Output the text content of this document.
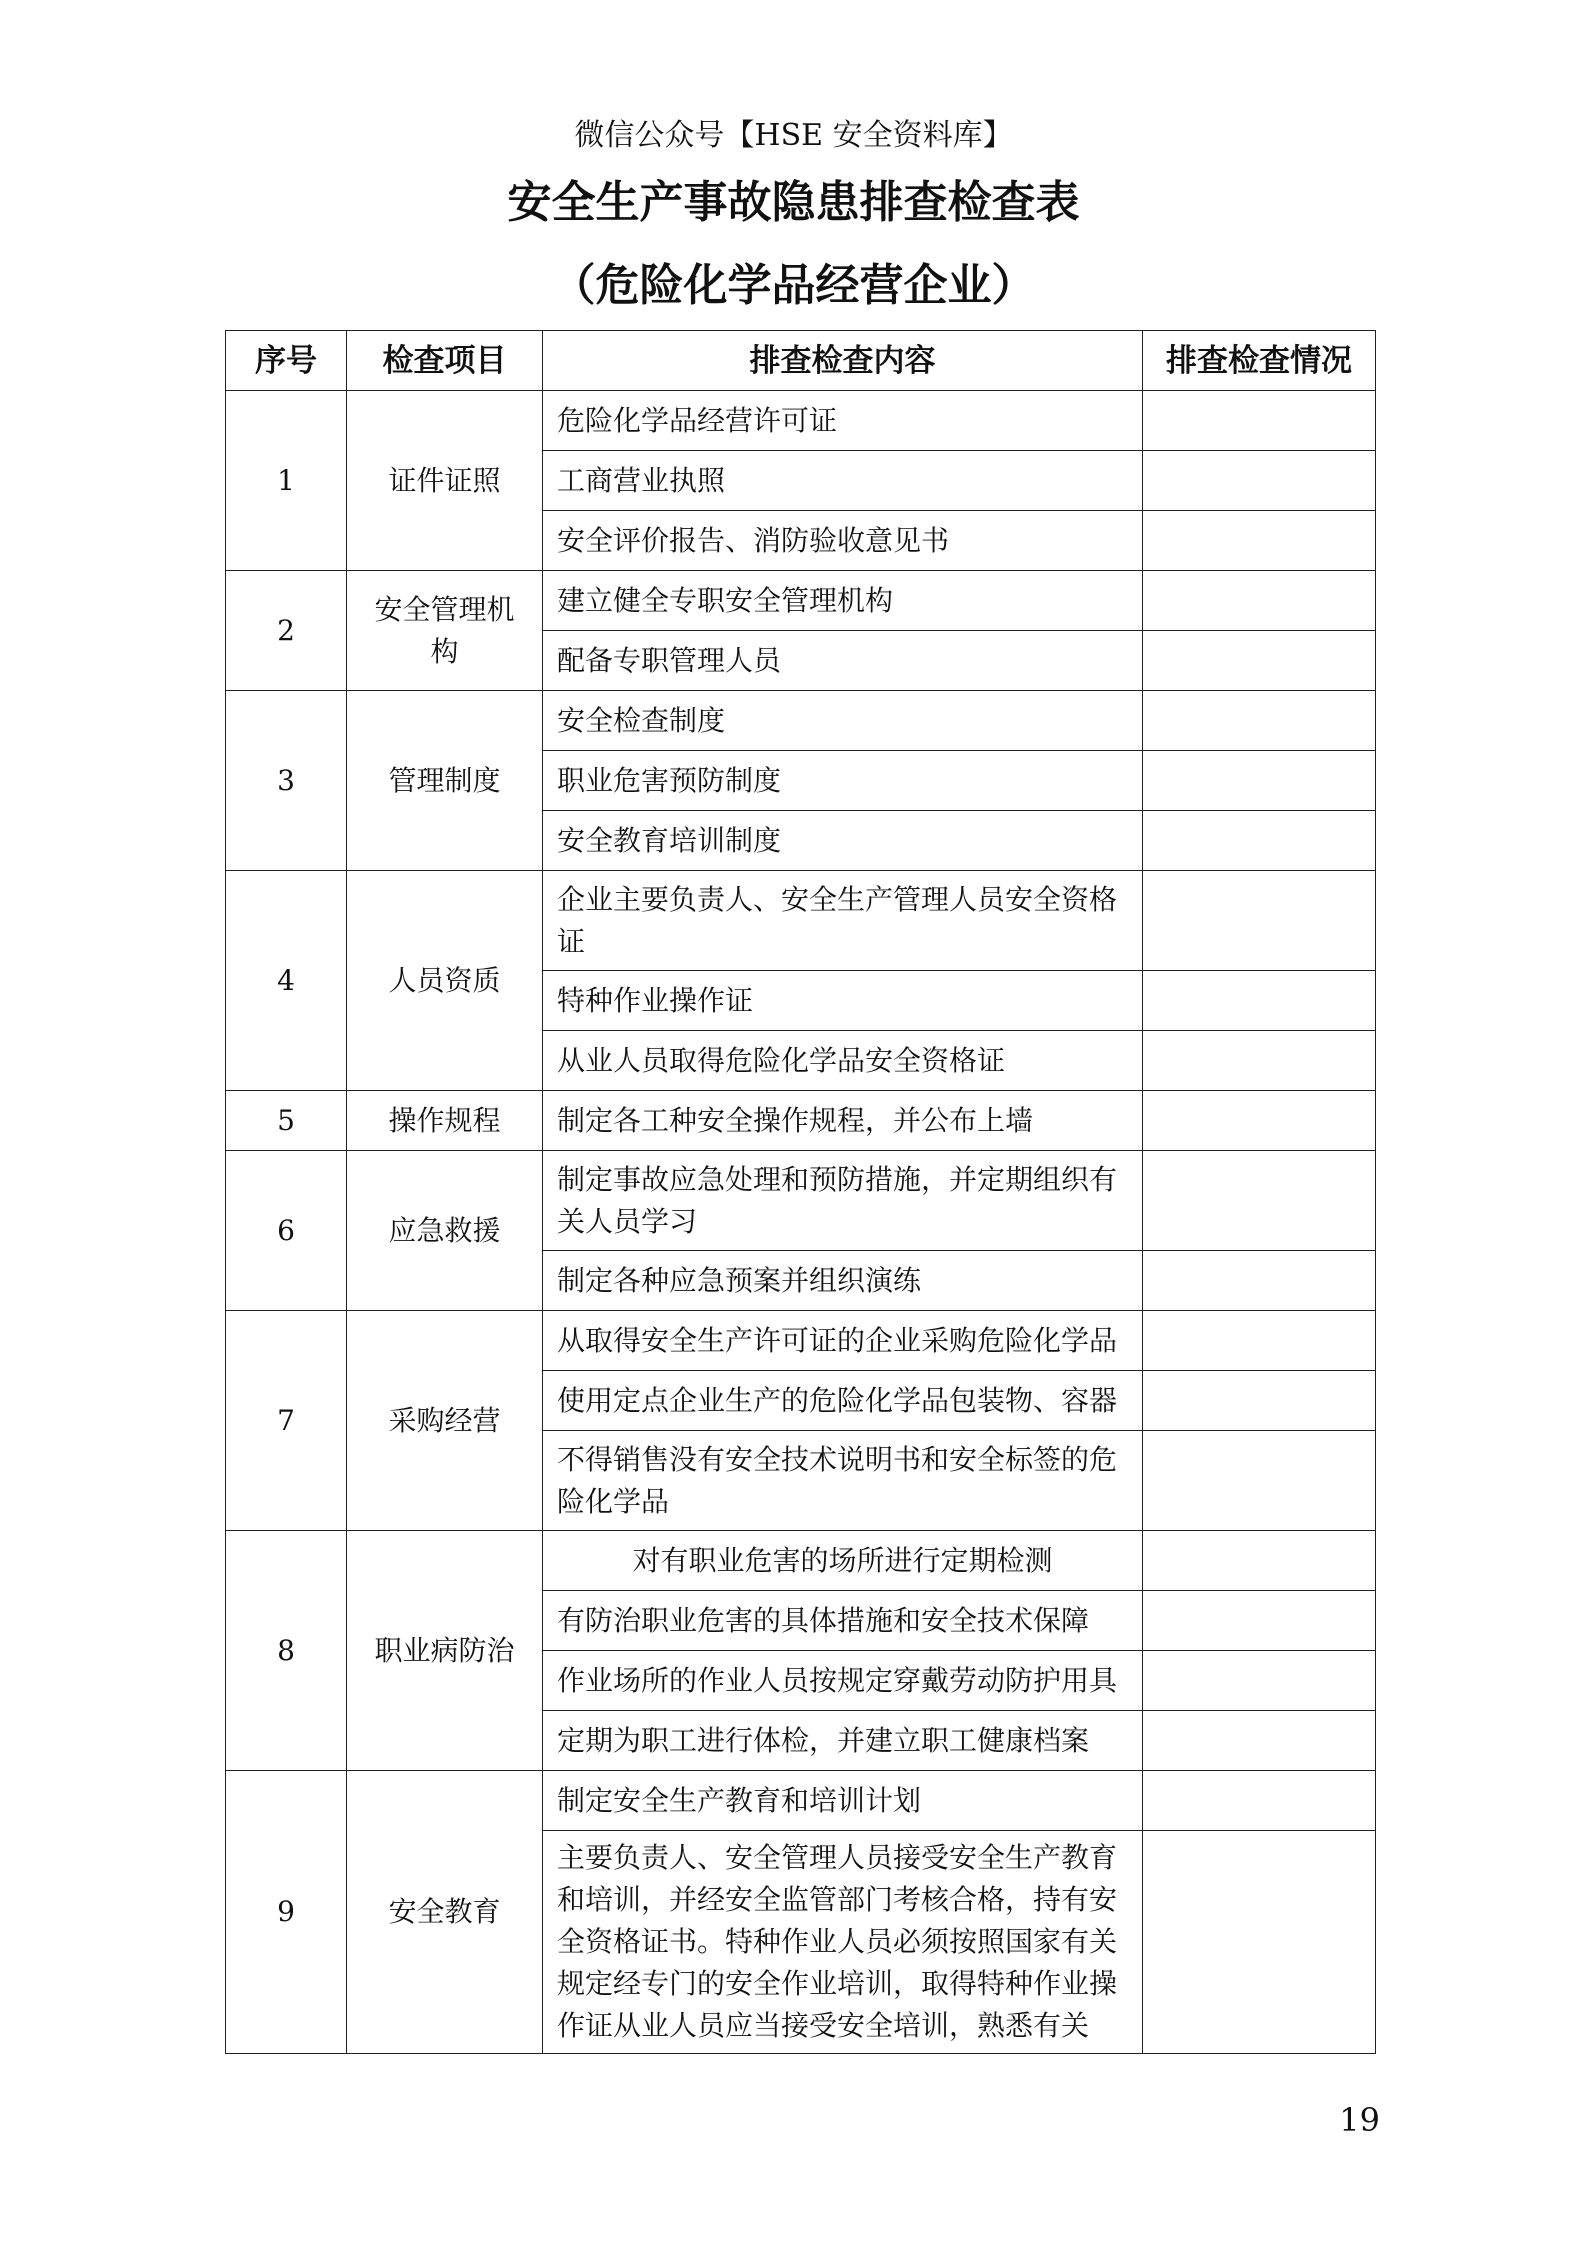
微信公众号【HSE 安全资料库】
安全生产事故隐患排查检查表
（危险化学品经营企业）
序号	检查项目	排查检查内容	排查检查情况
1	证件证照	危险化学品经营许可证	
		工商营业执照	
		安全评价报告、消防验收意见书	
2	安全管理机构	建立健全专职安全管理机构	
		配备专职管理人员	
3	管理制度	安全检查制度	
		职业危害预防制度	
		安全教育培训制度	
4	人员资质	企业主要负责人、安全生产管理人员安全资格证	
		特种作业操作证	
		从业人员取得危险化学品安全资格证	
5	操作规程	制定各工种安全操作规程，并公布上墙	
6	应急救援	制定事故应急处理和预防措施，并定期组织有关人员学习	
		制定各种应急预案并组织演练	
7	采购经营	从取得安全生产许可证的企业采购危险化学品	
		使用定点企业生产的危险化学品包装物、容器	
		不得销售没有安全技术说明书和安全标签的危险化学品	
8	职业病防治	对有职业危害的场所进行定期检测	
		有防治职业危害的具体措施和安全技术保障	
		作业场所的作业人员按规定穿戴劳动防护用具	
		定期为职工进行体检，并建立职工健康档案	
9	安全教育	制定安全生产教育和培训计划	
		主要负责人、安全管理人员接受安全生产教育和培训，并经安全监管部门考核合格，持有安全资格证书。特种作业人员必须按照国家有关规定经专门的安全作业培训，取得特种作业操作证从业人员应当接受安全培训，熟悉有关	
19
